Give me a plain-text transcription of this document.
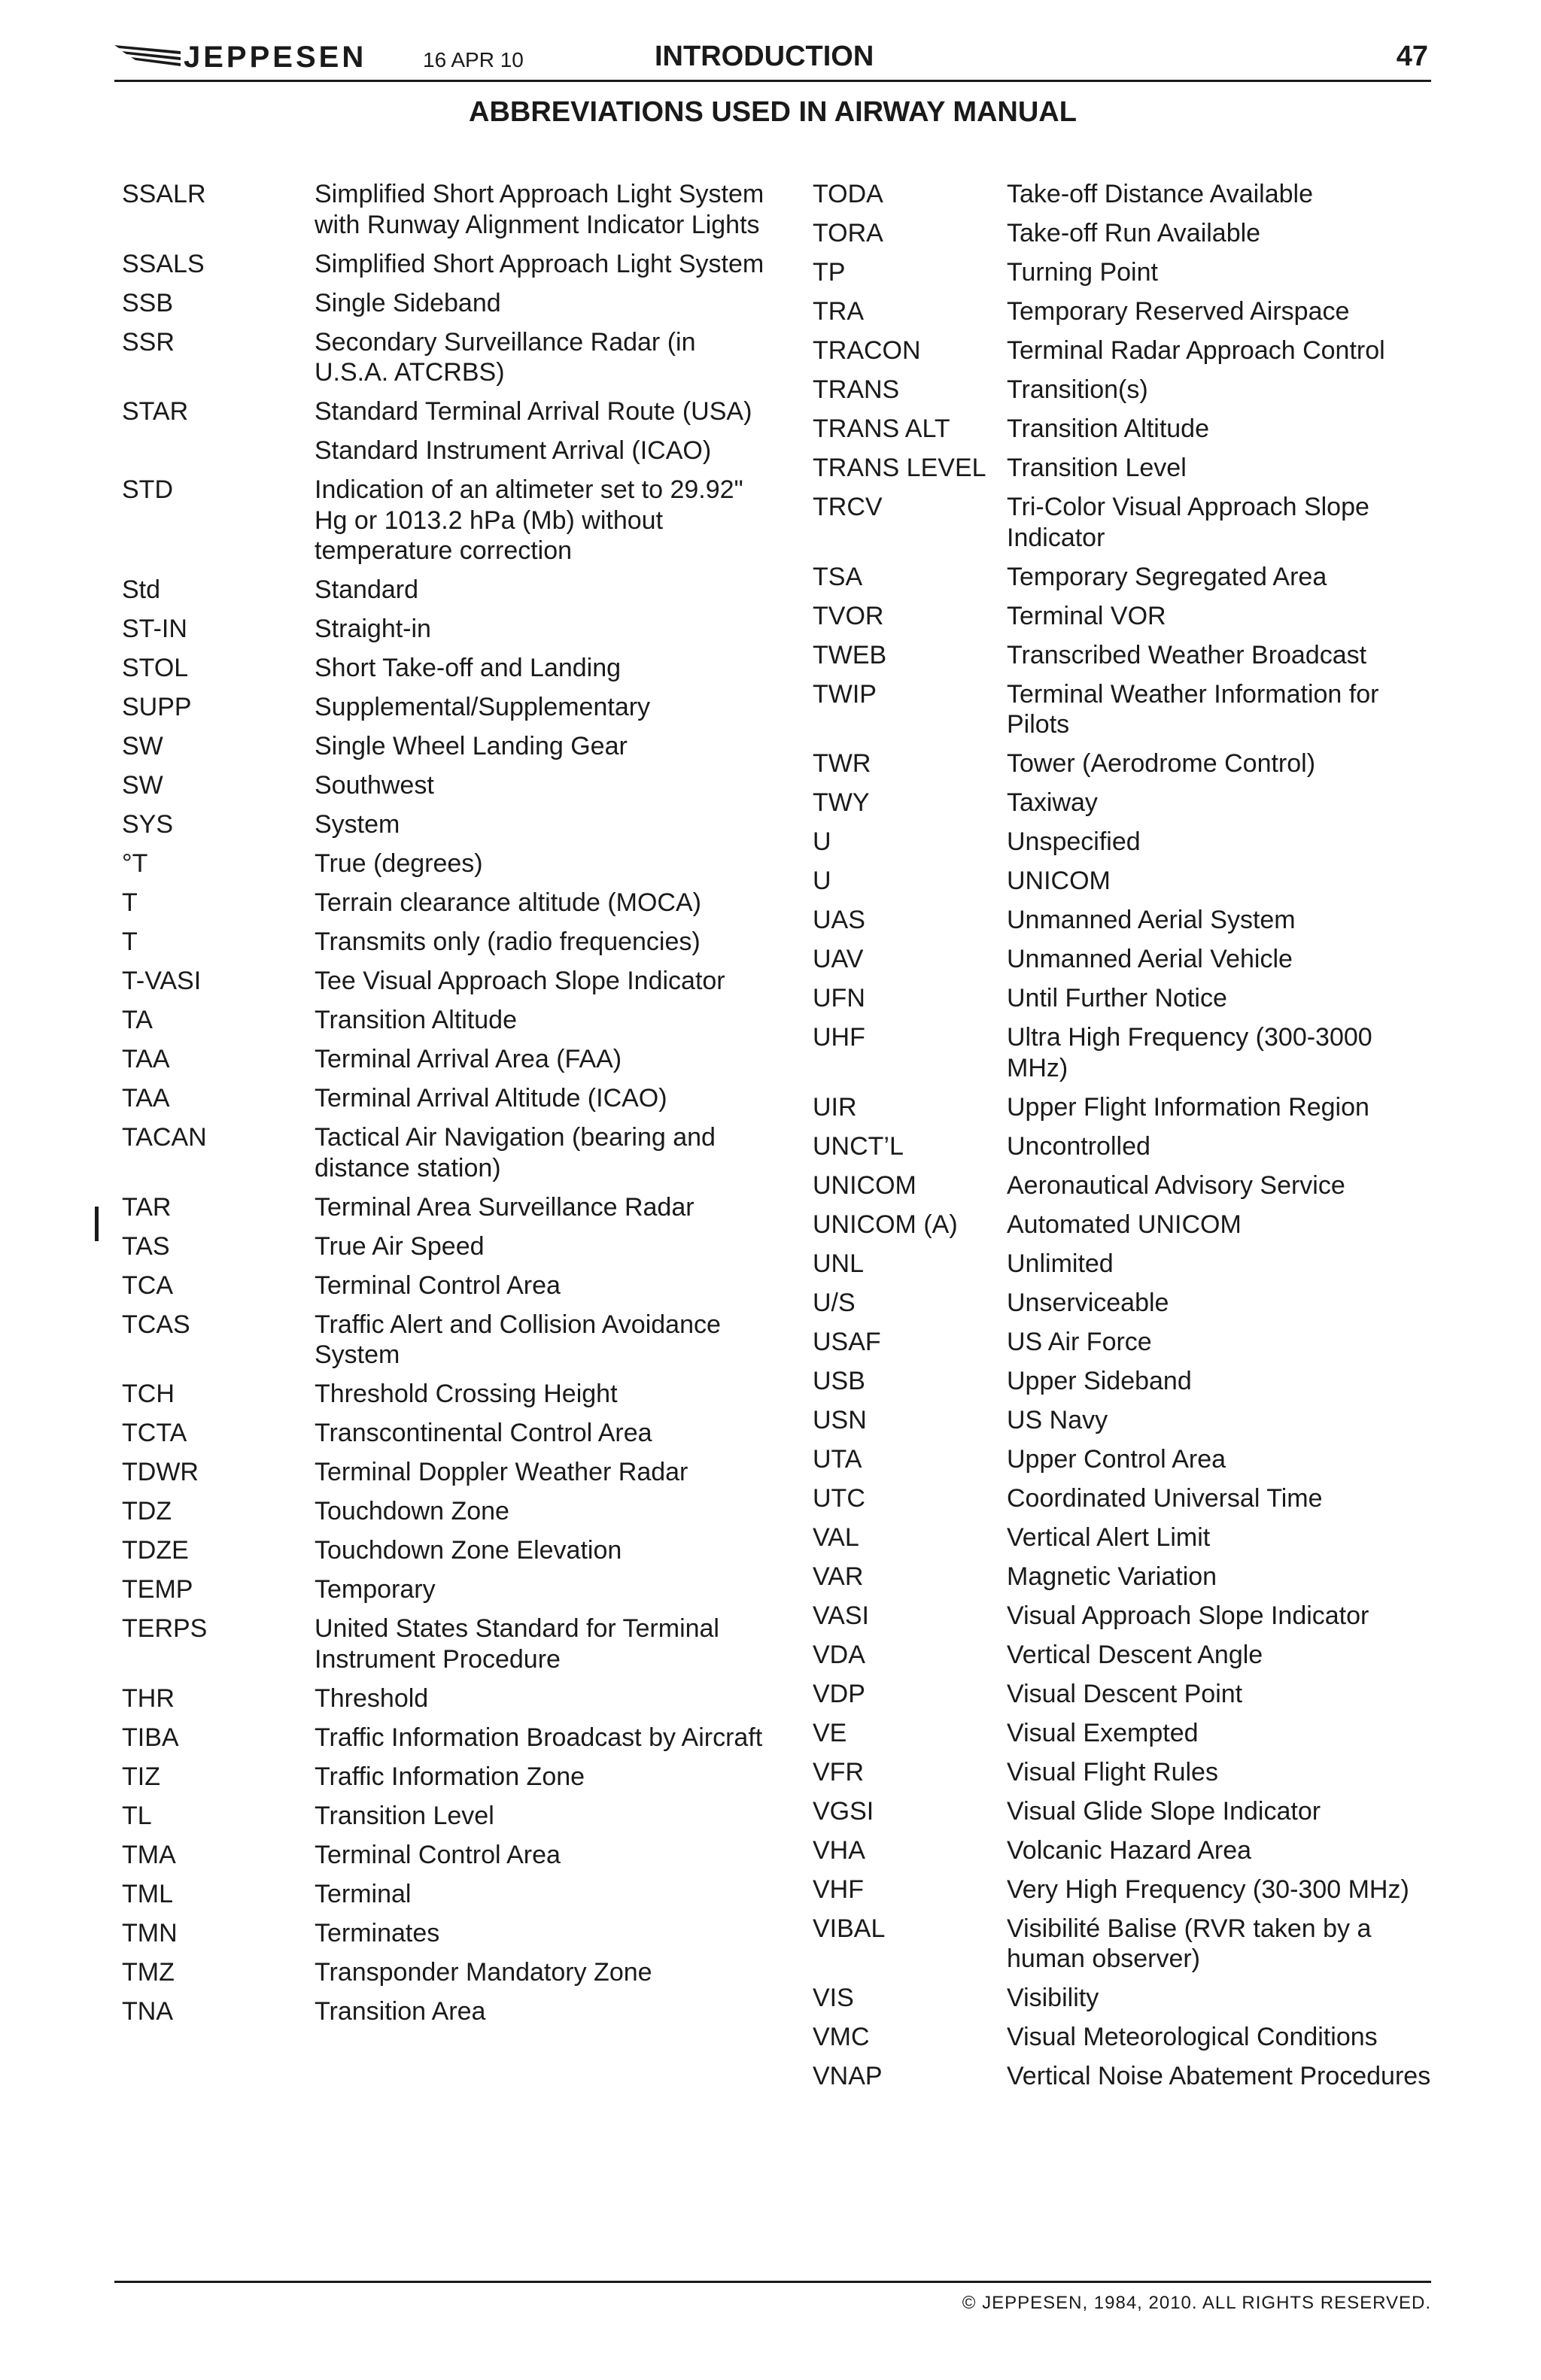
JEPPESEN	16 APR 10	INTRODUCTION	47
ABBREVIATIONS USED IN AIRWAY MANUAL
SSALR	Simplified Short Approach Light System with Runway Alignment Indicator Lights
SSALS	Simplified Short Approach Light System
SSB	Single Sideband
SSR	Secondary Surveillance Radar (in U.S.A. ATCRBS)
STAR	Standard Terminal Arrival Route (USA)
Standard Instrument Arrival (ICAO)
STD	Indication of an altimeter set to 29.92" Hg or 1013.2 hPa (Mb) without temperature correction
Std	Standard
ST-IN	Straight-in
STOL	Short Take-off and Landing
SUPP	Supplemental/Supplementary
SW	Single Wheel Landing Gear
SW	Southwest
SYS	System
°T	True (degrees)
T	Terrain clearance altitude (MOCA)
T	Transmits only (radio frequencies)
T-VASI	Tee Visual Approach Slope Indicator
TA	Transition Altitude
TAA	Terminal Arrival Area (FAA)
TAA	Terminal Arrival Altitude (ICAO)
TACAN	Tactical Air Navigation (bearing and distance station)
TAR	Terminal Area Surveillance Radar
TAS	True Air Speed
TCA	Terminal Control Area
TCAS	Traffic Alert and Collision Avoidance System
TCH	Threshold Crossing Height
TCTA	Transcontinental Control Area
TDWR	Terminal Doppler Weather Radar
TDZ	Touchdown Zone
TDZE	Touchdown Zone Elevation
TEMP	Temporary
TERPS	United States Standard for Terminal Instrument Procedure
THR	Threshold
TIBA	Traffic Information Broadcast by Aircraft
TIZ	Traffic Information Zone
TL	Transition Level
TMA	Terminal Control Area
TML	Terminal
TMN	Terminates
TMZ	Transponder Mandatory Zone
TNA	Transition Area
TODA	Take-off Distance Available
TORA	Take-off Run Available
TP	Turning Point
TRA	Temporary Reserved Airspace
TRACON	Terminal Radar Approach Control
TRANS	Transition(s)
TRANS ALT	Transition Altitude
TRANS LEVEL Transition Level
TRCV	Tri-Color Visual Approach Slope Indicator
TSA	Temporary Segregated Area
TVOR	Terminal VOR
TWEB	Transcribed Weather Broadcast
TWIP	Terminal Weather Information for Pilots
TWR	Tower (Aerodrome Control)
TWY	Taxiway
U	Unspecified
U	UNICOM
UAS	Unmanned Aerial System
UAV	Unmanned Aerial Vehicle
UFN	Until Further Notice
UHF	Ultra High Frequency (300-3000 MHz)
UIR	Upper Flight Information Region
UNCT’L	Uncontrolled
UNICOM	Aeronautical Advisory Service
UNICOM (A)	Automated UNICOM
UNL	Unlimited
U/S	Unserviceable
USAF	US Air Force
USB	Upper Sideband
USN	US Navy
UTA	Upper Control Area
UTC	Coordinated Universal Time
VAL	Vertical Alert Limit
VAR	Magnetic Variation
VASI	Visual Approach Slope Indicator
VDA	Vertical Descent Angle
VDP	Visual Descent Point
VE	Visual Exempted
VFR	Visual Flight Rules
VGSI	Visual Glide Slope Indicator
VHA	Volcanic Hazard Area
VHF	Very High Frequency (30-300 MHz)
VIBAL	Visibilité Balise (RVR taken by a human observer)
VIS	Visibility
VMC	Visual Meteorological Conditions
VNAP	Vertical Noise Abatement Procedures
© JEPPESEN, 1984, 2010. ALL RIGHTS RESERVED.
